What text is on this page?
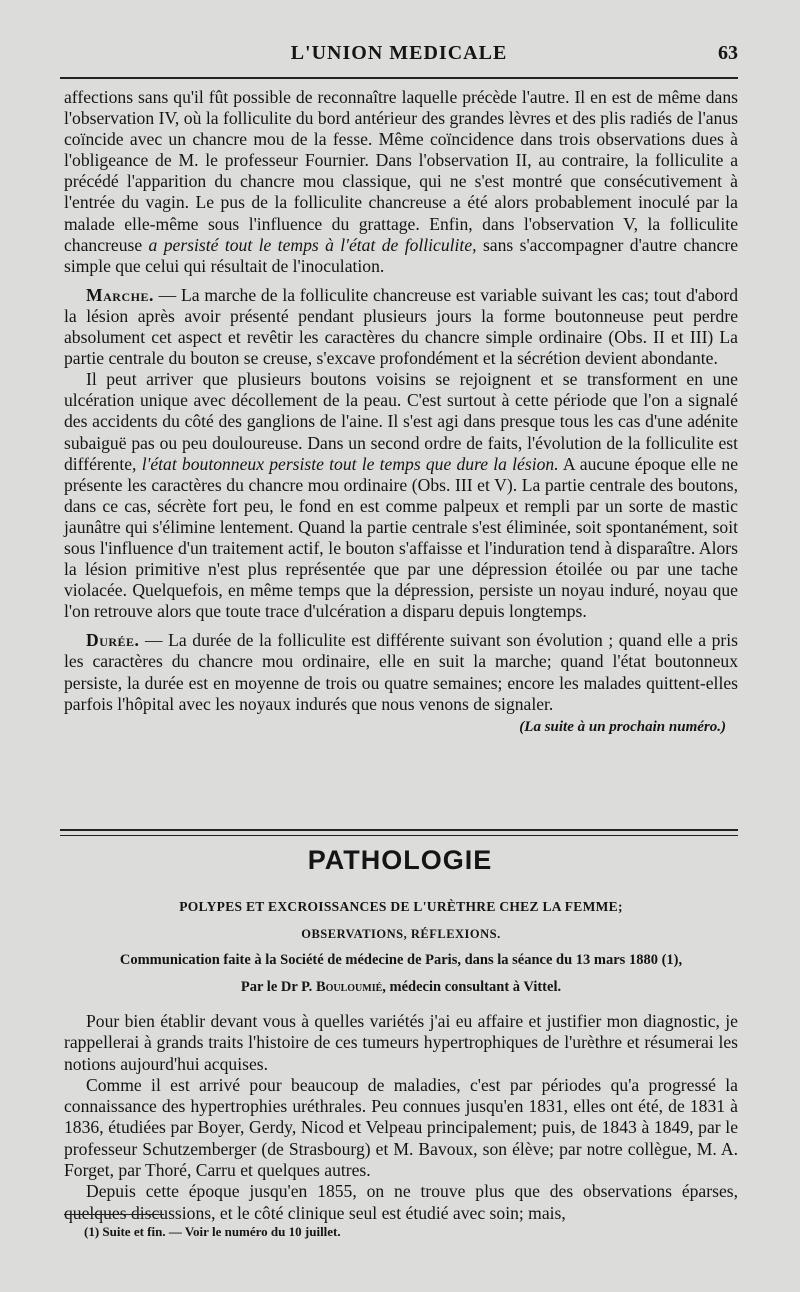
L'UNION MEDICALE	63

affections sans qu'il fût possible de reconnaître laquelle précède l'autre. Il en est de même dans l'observation IV, où la folliculite du bord antérieur des grandes lèvres et des plis radiés de l'anus coïncide avec un chancre mou de la fesse. Même coïncidence dans trois observations dues à l'obligeance de M. le professeur Fournier. Dans l'observation II, au contraire, la folliculite a précédé l'apparition du chancre mou classique, qui ne s'est montré que consécutivement à l'entrée du vagin. Le pus de la folliculite chancreuse a été alors probablement inoculé par la malade elle-même sous l'influence du grattage. Enfin, dans l'observation V, la folliculite chancreuse a persisté tout le temps à l'état de folliculite, sans s'accompagner d'autre chancre simple que celui qui résultait de l'inoculation.

Marche. — La marche de la folliculite chancreuse est variable suivant les cas; tout d'abord la lésion après avoir présenté pendant plusieurs jours la forme boutonneuse peut perdre absolument cet aspect et revêtir les caractères du chancre simple ordinaire (Obs. II et III) La partie centrale du bouton se creuse, s'excave profondément et la sécrétion devient abondante.

Il peut arriver que plusieurs boutons voisins se rejoignent et se transforment en une ulcération unique avec décollement de la peau. C'est surtout à cette période que l'on a signalé des accidents du côté des ganglions de l'aine. Il s'est agi dans presque tous les cas d'une adénite subaiguë pas ou peu douloureuse. Dans un second ordre de faits, l'évolution de la folliculite est différente, l'état boutonneux persiste tout le temps que dure la lésion. A aucune époque elle ne présente les caractères du chancre mou ordinaire (Obs. III et V). La partie centrale des boutons, dans ce cas, sécrète fort peu, le fond en est comme palpeux et rempli par un sorte de mastic jaunâtre qui s'élimine lentement. Quand la partie centrale s'est éliminée, soit spontanément, soit sous l'influence d'un traitement actif, le bouton s'affaisse et l'induration tend à disparaître. Alors la lésion primitive n'est plus représentée que par une dépression étoilée ou par une tache violacée. Quelquefois, en même temps que la dépression, persiste un noyau induré, noyau que l'on retrouve alors que toute trace d'ulcération a disparu depuis longtemps.

Durée. — La durée de la folliculite est différente suivant son évolution ; quand elle a pris les caractères du chancre mou ordinaire, elle en suit la marche; quand l'état boutonneux persiste, la durée est en moyenne de trois ou quatre semaines; encore les malades quittent-elles parfois l'hôpital avec les noyaux indurés que nous venons de signaler.

(La suite à un prochain numéro.)
PATHOLOGIE
POLYPES ET EXCROISSANCES DE L'URÈTHRE CHEZ LA FEMME;
OBSERVATIONS, RÉFLEXIONS.
Communication faite à la Société de médecine de Paris, dans la séance du 13 mars 1880 (1),
Par le Dr P. Bouloumié, médecin consultant à Vittel.

Pour bien établir devant vous à quelles variétés j'ai eu affaire et justifier mon diagnostic, je rappellerai à grands traits l'histoire de ces tumeurs hypertrophiques de l'urèthre et résumerai les notions aujourd'hui acquises.

Comme il est arrivé pour beaucoup de maladies, c'est par périodes qu'a progressé la connaissance des hypertrophies uréthrales. Peu connues jusqu'en 1831, elles ont été, de 1831 à 1836, étudiées par Boyer, Gerdy, Nicod et Velpeau principalement; puis, de 1843 à 1849, par le professeur Schutzemberger (de Strasbourg) et M. Bavoux, son élève; par notre collègue, M. A. Forget, par Thoré, Carru et quelques autres.

Depuis cette époque jusqu'en 1855, on ne trouve plus que des observations éparses, quelques discussions, et le côté clinique seul est étudié avec soin; mais,

(1) Suite et fin. — Voir le numéro du 10 juillet.
